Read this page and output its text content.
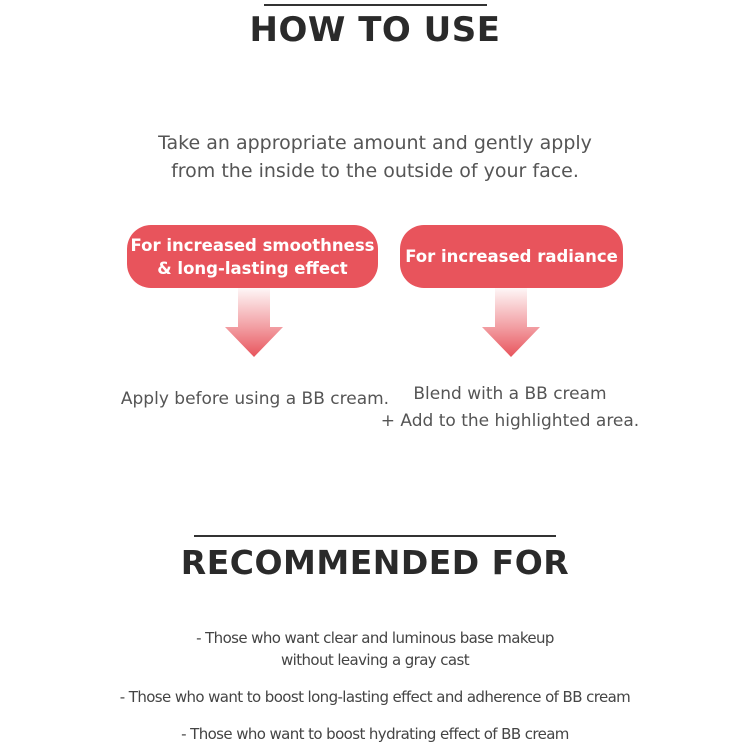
HOW TO USE
Take an appropriate amount and gently apply
from the inside to the outside of your face.
For increased smoothness
& long-lasting effect
For increased radiance
Apply before using a BB cream.	Blend with a BB cream
+ Add to the highlighted area.
RECOMMENDED FOR
- Those who want clear and luminous base makeup
without leaving a gray cast
- Those who want to boost long-lasting effect and adherence of BB cream
- Those who want to boost hydrating effect of BB cream
